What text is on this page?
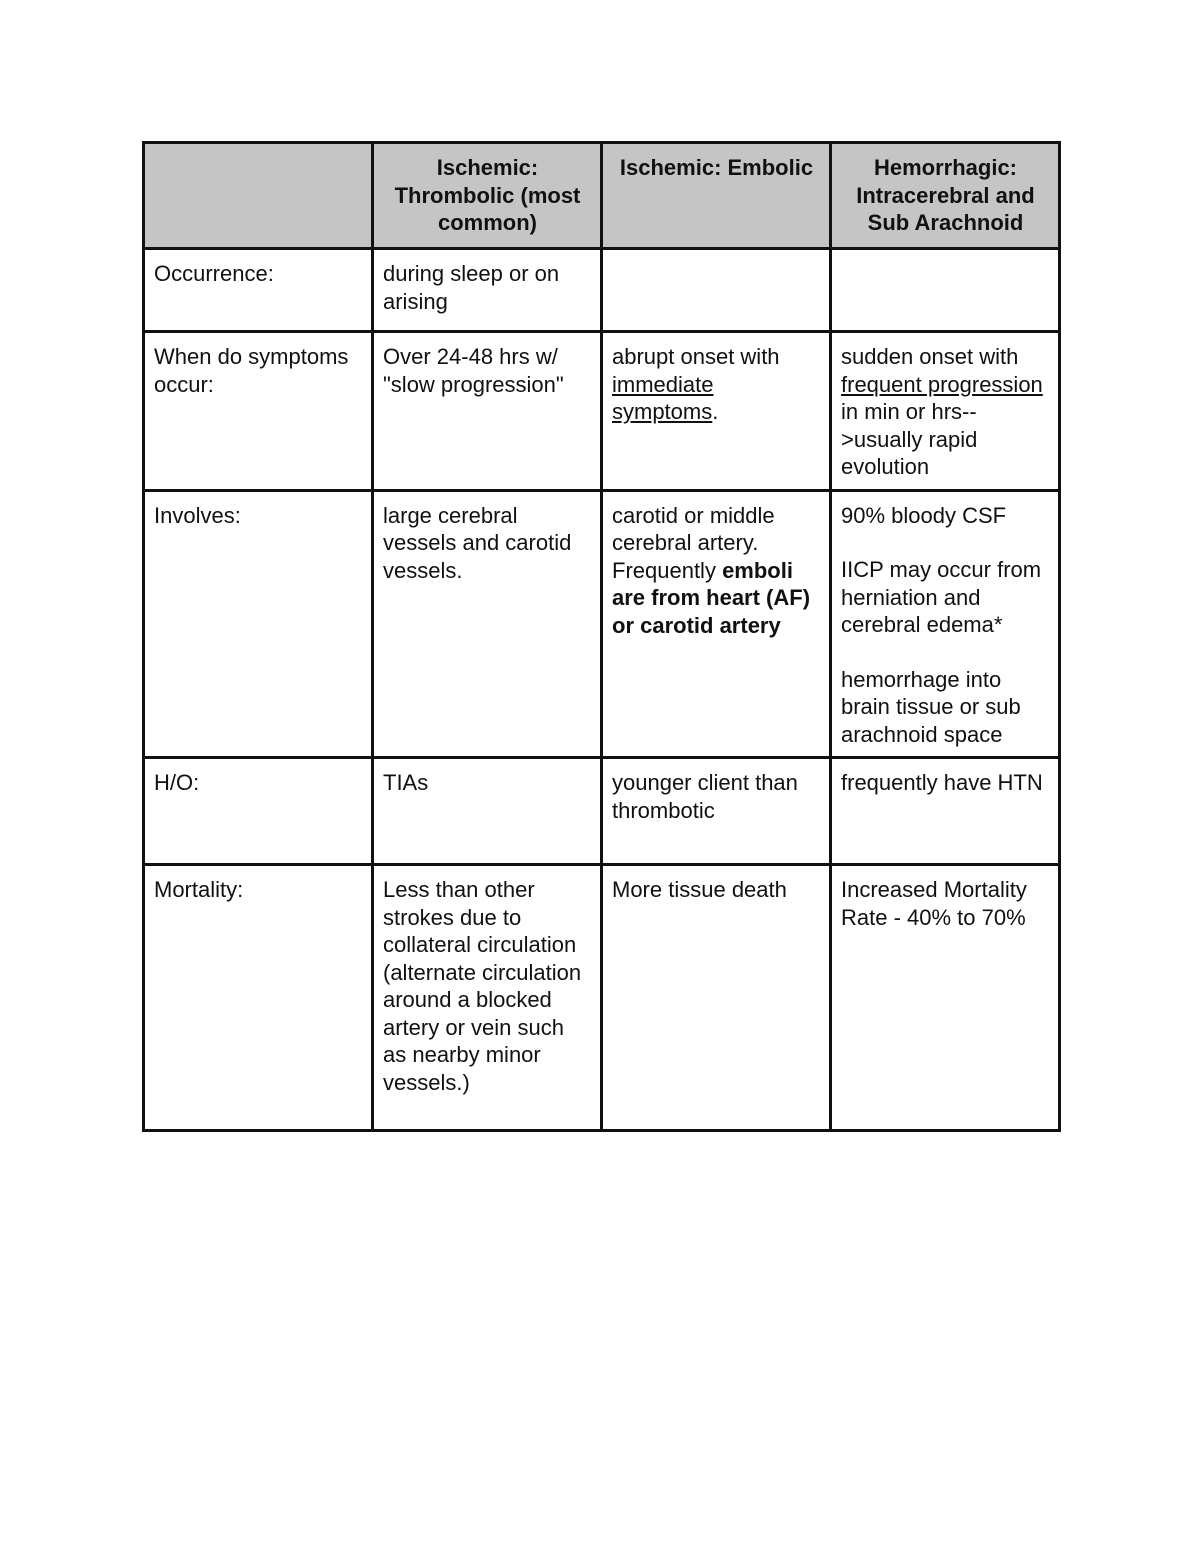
	Ischemic: Thrombolic (most common)	Ischemic: Embolic	Hemorrhagic: Intracerebral and Sub Arachnoid
Occurrence:	during sleep or on arising		
When do symptoms occur:	Over 24-48 hrs w/ "slow progression"	abrupt onset with immediate symptoms.	sudden onset with frequent progression in min or hrs-->usually rapid evolution
Involves:	large cerebral vessels and carotid vessels.	carotid or middle cerebral artery. Frequently emboli are from heart (AF) or carotid artery	90% bloody CSF
IICP may occur from herniation and cerebral edema*
hemorrhage into brain tissue or sub arachnoid space
H/O:	TIAs	younger client than thrombotic	frequently have HTN
Mortality:	Less than other strokes due to collateral circulation (alternate circulation around a blocked artery or vein such as nearby minor vessels.)	More tissue death	Increased Mortality Rate - 40% to 70%
